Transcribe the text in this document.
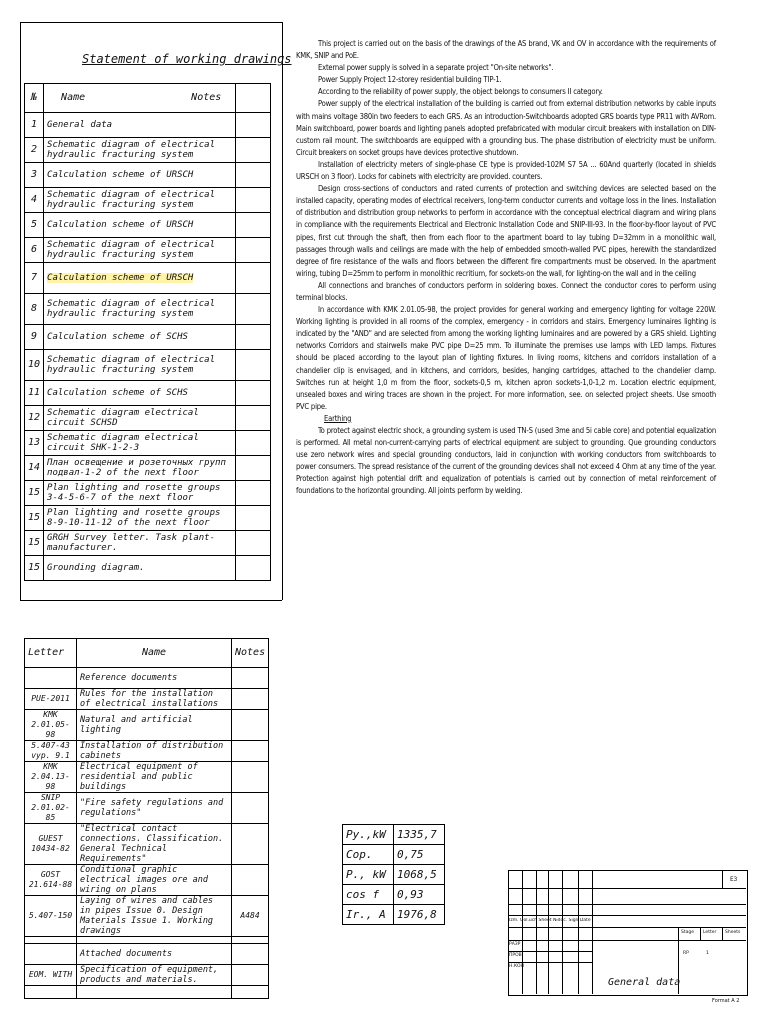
Statement of working drawings
№	Name Notes	
1	General data	
2	Schematic diagram of electrical hydraulic fracturing system	
3	Calculation scheme of URSCH	
4	Schematic diagram of electrical hydraulic fracturing system	
5	Calculation scheme of URSCH	
6	Schematic diagram of electrical hydraulic fracturing system	
7	Calculation scheme of URSCH	
8	Schematic diagram of electrical hydraulic fracturing system	
9	Calculation scheme of SCHS	
10	Schematic diagram of electrical hydraulic fracturing system	
11	Calculation scheme of SCHS	
12	Schematic diagram electrical circuit SCHSD	
13	Schematic diagram electrical circuit SHK-1-2-3	
14	План освещение и розеточных групп подвал-1-2 of the next floor	
15	Plan lighting and rosette groups 3-4-5-6-7 of the next floor	
15	Plan lighting and rosette groups 8-9-10-11-12 of the next floor	
15	GRGH Survey letter. Task plant-manufacturer.	
15	Grounding diagram.	
Letter	Name	Notes
	Reference documents	
PUE-2011	Rules for the installation of electrical installations	
KMK 2.01.05-98	Natural and artificial lighting	
5.407-43 vyp. 9.1	Installation of distribution cabinets	
KMK 2.04.13-98	Electrical equipment of residential and public buildings	
SNIP 2.01.02-85	"Fire safety regulations and regulations"	
GUEST 10434-82	"Electrical contact connections. Classification. General Technical Requirements"	
GOST 21.614-88	Conditional graphic electrical images ore and wiring on plans	
5.407-150	Laying of wires and cables in pipes Issue 0. Design Materials Issue 1. Working drawings	A484

	Attached documents	
EOM. WITH	Specification of equipment, products and materials.	

This project is carried out on the basis of the drawings of the AS brand, VK and OV in accordance with the requirements of KMK, SNIP and PoE.

External power supply is solved in a separate project "On-site networks".

Power Supply Project 12-storey residential building TIP-1.

According to the reliability of power supply, the object belongs to consumers II category.

Power supply of the electrical installation of the building is carried out from external distribution networks by cable inputs with mains voltage 380in two feeders to each GRS. As an introduction-Switchboards adopted GRS boards type PR11 with AVRom. Main switchboard, power boards and lighting panels adopted prefabricated with modular circuit breakers with installation on DIN-custom rail mount. The switchboards are equipped with a grounding bus. The phase distribution of electricity must be uniform. Circuit breakers on socket groups have devices protective shutdown.

Installation of electricity meters of single-phase CE type is provided-102M S7 5A ... 60And quarterly (located in shields URSCH on 3 floor). Locks for cabinets with electricity are provided. counters.

Design cross-sections of conductors and rated currents of protection and switching devices are selected based on the installed capacity, operating modes of electrical receivers, long-term conductor currents and voltage loss in the lines. Installation of distribution and distribution group networks to perform in accordance with the conceptual electrical diagram and wiring plans in compliance with the requirements Electrical and Electronic Installation Code and SNIP-III-93. In the floor-by-floor layout of PVC pipes, first cut through the shaft, then from each floor to the apartment board to lay tubing D=32mm in a monolithic wall, passages through walls and ceilings are made with the help of embedded smooth-walled PVC pipes, herewith the standardized degree of fire resistance of the walls and floors between the different fire compartments must be observed. In the apartment wiring, tubing D=25mm to perform in monolithic recritium, for sockets-on the wall, for lighting-on the wall and in the ceiling

All connections and branches of conductors perform in soldering boxes. Connect the conductor cores to perform using terminal blocks.

In accordance with KMK 2.01.05-98, the project provides for general working and emergency lighting for voltage 220W. Working lighting is provided in all rooms of the complex, emergency - in corridors and stairs. Emergency luminaires lighting is indicated by the "AND" and are selected from among the working lighting luminaires and are powered by a GRS shield. Lighting networks Corridors and stairwells make PVC pipe D=25 mm. To illuminate the premises use lamps with LED lamps. Fixtures should be placed according to the layout plan of lighting fixtures. In living rooms, kitchens and corridors installation of a chandelier clip is envisaged, and in kitchens, and corridors, besides, hanging cartridges, attached to the chandelier clamp. Switches run at height 1,0 m from the floor, sockets-0,5 m, kitchen apron sockets-1,0-1,2 m. Location electric equipment, unsealed boxes and wiring traces are shown in the project. For more information, see. on selected project sheets. Use smooth PVC pipe.

Earthing

To protect against electric shock, a grounding system is used TN-S (used 3me and 5i cable core) and potential equalization is performed. All metal non-current-carrying parts of electrical equipment are subject to grounding. Que grounding conductors use zero network wires and special grounding conductors, laid in conjunction with working conductors from switchboards to power consumers. The spread resistance of the current of the grounding devices shall not exceed 4 Ohm at any time of the year. Protection against high potential drift and equalization of potentials is carried out by connection of metal reinforcement of foundations to the horizontal grounding. All joints perform by welding.

Py.,kW	1335,7
Cop.	0,75
P., kW	1068,5
cos f	0,93
Ir., A	1976,8
ЕЗ
Izm. Qol.uch Sheet №doc. Sign Date
РАЗР
ПРОВ
Н.КОН
Stage Letter Sheets
RP	1
General data
Format A 2
